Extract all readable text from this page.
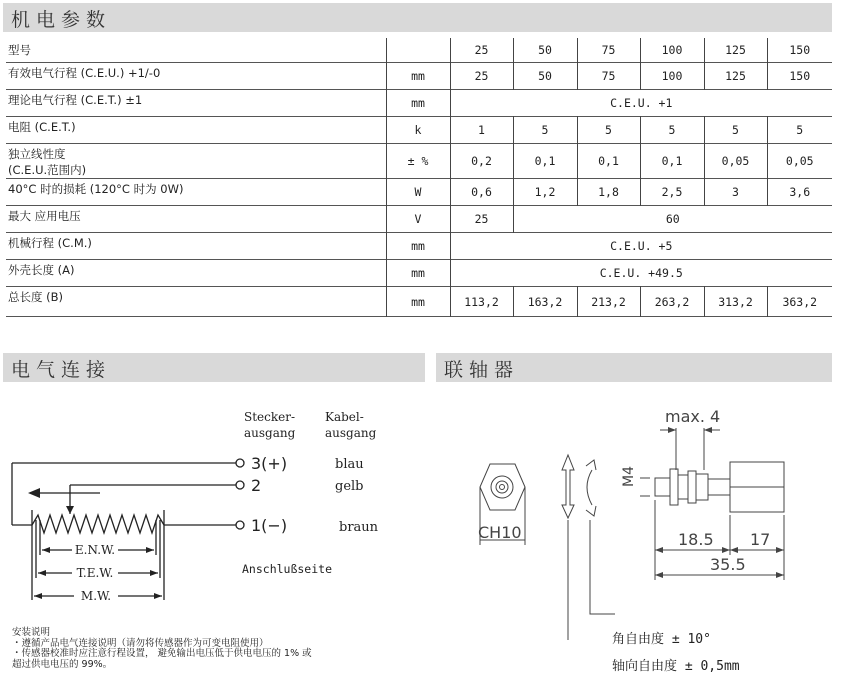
机电参数
型号		25	50	75	100	125	150

有效电气行程 (C.E.U.) +1/-0	mm	25	50	75	100	125	150

理论电气行程 (C.E.T.) ±1	mm	C.E.U. +1					

电阻 (C.E.T.)	k	1	5	5	5	5	5

独立线性度
(C.E.U.范围内)	± %	0,2	0,1	0,1	0,1	0,05	0,05

40°C 时的损耗 (120°C 时为 0W)	W	0,6	1,2	1,8	2,5	3	3,6

最大 应用电压	V	25	60				

机械行程 (C.M.)	mm	C.E.U. +5					

外壳长度 (A)	mm	C.E.U. +49.5					

总长度 (B)	mm	113,2	163,2	213,2	263,2	313,2	363,2
电气连接	联轴器
E.N.W.
T.E.W.
M.W.
Stecker-
ausgang
Kabel-
ausgang
blau
gelb
braun
3(+)
2
1(−)
Anschlußseite
max. 4
M4
CH10	18.5 17
35.5
角自由度 ± 10°
轴向自由度 ± 0,5mm
安装说明
・遵循产品电气连接说明（请勿将传感器作为可变电阻使用）
・传感器校准时应注意行程设置， 避免输出电压低于供电电压的 1% 或
超过供电电压的 99%。
